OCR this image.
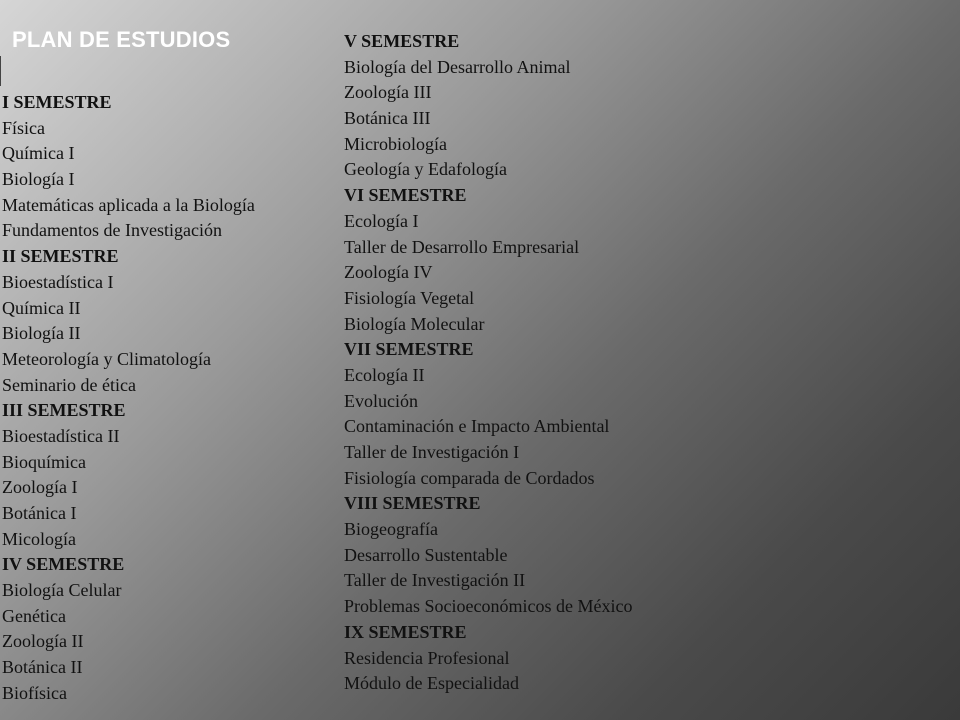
PLAN DE ESTUDIOS
I SEMESTRE
Física
Química I
Biología I
Matemáticas aplicada a la Biología
Fundamentos de Investigación
II SEMESTRE
Bioestadística I
Química II
Biología II
Meteorología y Climatología
Seminario de ética
III SEMESTRE
Bioestadística II
Bioquímica
Zoología I
Botánica I
Micología
IV SEMESTRE
Biología Celular
Genética
Zoología II
Botánica II
Biofísica
V SEMESTRE
Biología del Desarrollo Animal
Zoología III
Botánica III
Microbiología
Geología y Edafología
VI SEMESTRE
Ecología I
Taller de Desarrollo Empresarial
Zoología IV
Fisiología Vegetal
Biología Molecular
VII SEMESTRE
Ecología II
Evolución
Contaminación e Impacto Ambiental
Taller de Investigación I
Fisiología comparada de Cordados
VIII SEMESTRE
Biogeografía
Desarrollo Sustentable
Taller de Investigación II
Problemas Socioeconómicos de México
IX SEMESTRE
Residencia Profesional
Módulo de Especialidad
